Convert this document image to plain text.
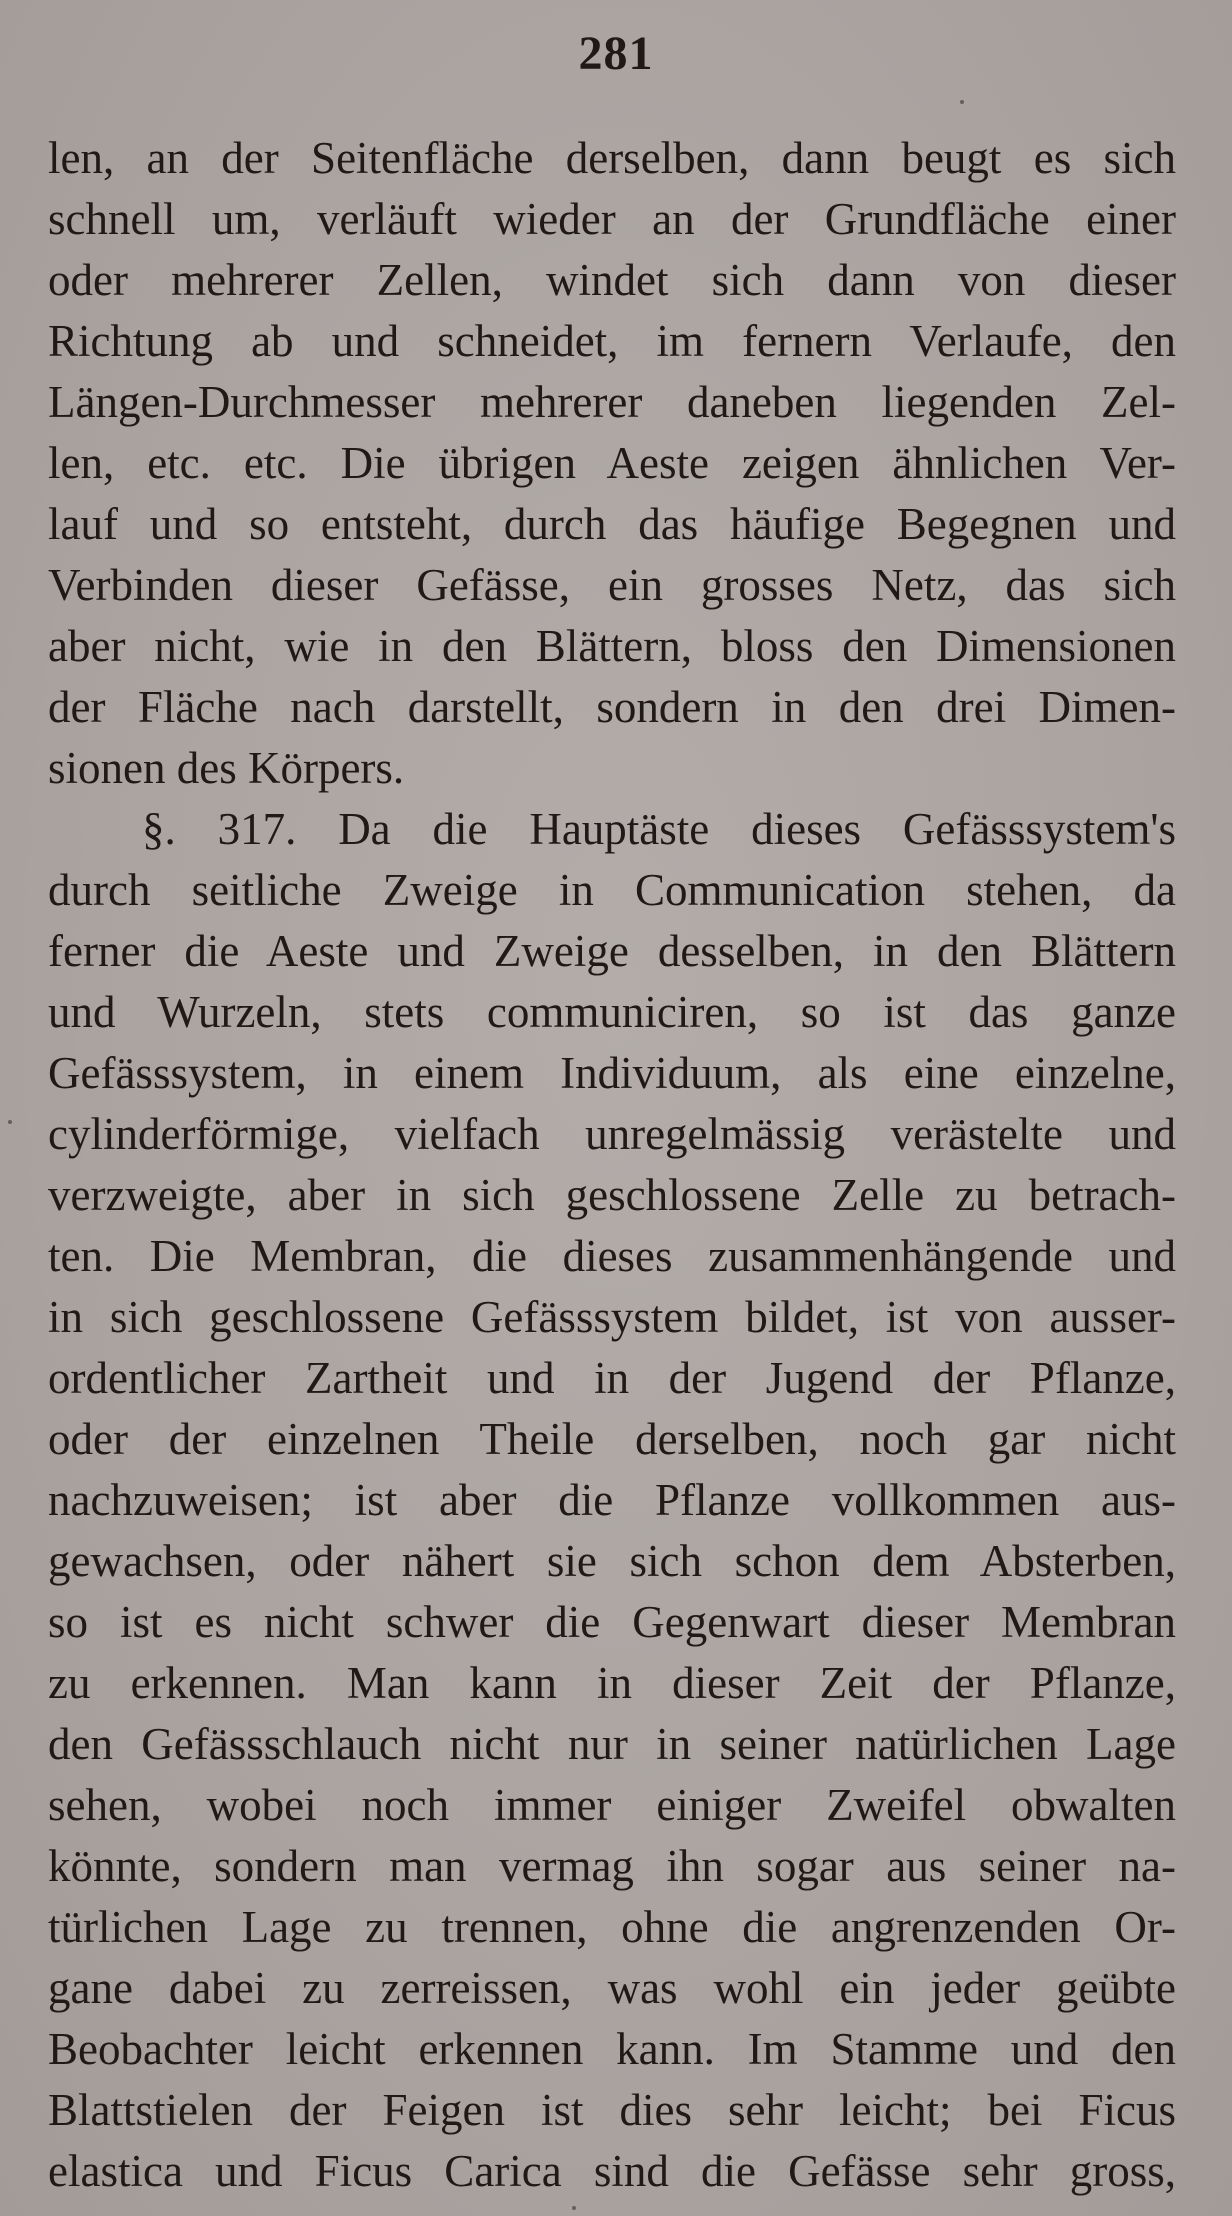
281
len, an der Seitenfläche derselben, dann beugt es sich
schnell um, verläuft wieder an der Grundfläche einer
oder mehrerer Zellen, windet sich dann von dieser
Richtung ab und schneidet, im fernern Verlaufe, den
Längen-Durchmesser mehrerer daneben liegenden Zel-
len, etc. etc. Die übrigen Aeste zeigen ähnlichen Ver-
lauf und so entsteht, durch das häufige Begegnen und
Verbinden dieser Gefässe, ein grosses Netz, das sich
aber nicht, wie in den Blättern, bloss den Dimensionen
der Fläche nach darstellt, sondern in den drei Dimen-
sionen des Körpers.
§. 317. Da die Hauptäste dieses Gefässsystem's
durch seitliche Zweige in Communication stehen, da
ferner die Aeste und Zweige desselben, in den Blättern
und Wurzeln, stets communiciren, so ist das ganze
Gefässsystem, in einem Individuum, als eine einzelne,
cylinderförmige, vielfach unregelmässig verästelte und
verzweigte, aber in sich geschlossene Zelle zu betrach-
ten. Die Membran, die dieses zusammenhängende und
in sich geschlossene Gefässsystem bildet, ist von ausser-
ordentlicher Zartheit und in der Jugend der Pflanze,
oder der einzelnen Theile derselben, noch gar nicht
nachzuweisen; ist aber die Pflanze vollkommen aus-
gewachsen, oder nähert sie sich schon dem Absterben,
so ist es nicht schwer die Gegenwart dieser Membran
zu erkennen. Man kann in dieser Zeit der Pflanze,
den Gefässschlauch nicht nur in seiner natürlichen Lage
sehen, wobei noch immer einiger Zweifel obwalten
könnte, sondern man vermag ihn sogar aus seiner na-
türlichen Lage zu trennen, ohne die angrenzenden Or-
gane dabei zu zerreissen, was wohl ein jeder geübte
Beobachter leicht erkennen kann. Im Stamme und den
Blattstielen der Feigen ist dies sehr leicht; bei Ficus
elastica und Ficus Carica sind die Gefässe sehr gross,
